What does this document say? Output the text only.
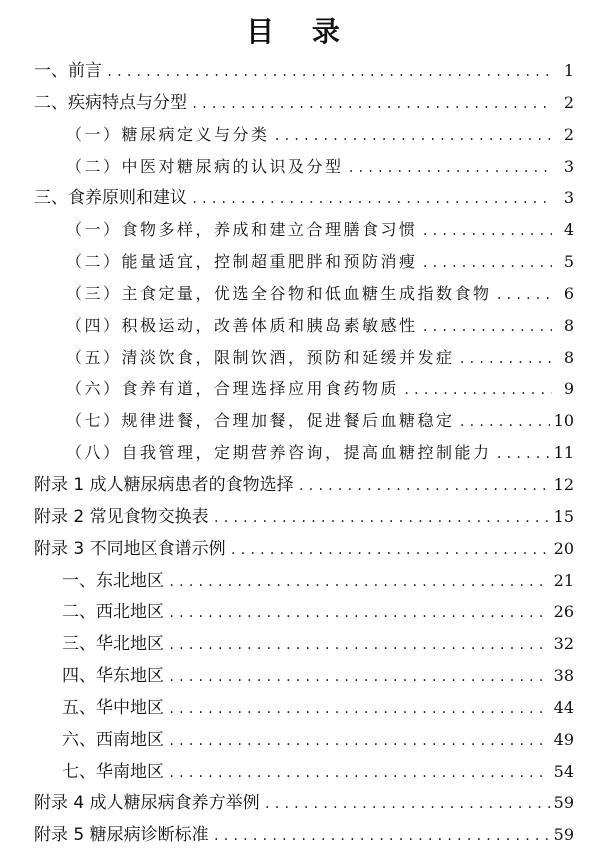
目 录
一、前言 .....	1
二、疾病特点与分型 .....	2
（一）糖尿病定义与分类 .....	2
（二）中医对糖尿病的认识及分型 .....	3
三、食养原则和建议 .....	3
（一）食物多样，养成和建立合理膳食习惯 .....	4
（二）能量适宜，控制超重肥胖和预防消瘦 .....	5
（三）主食定量，优选全谷物和低血糖生成指数食物 .....	6
（四）积极运动，改善体质和胰岛素敏感性 .....	8
（五）清淡饮食，限制饮酒，预防和延缓并发症 .....	8
（六）食养有道，合理选择应用食药物质 .....	9
（七）规律进餐，合理加餐，促进餐后血糖稳定 .....	10
（八）自我管理，定期营养咨询，提高血糖控制能力 .....	11
附录 1 成人糖尿病患者的食物选择 .....	12
附录 2 常见食物交换表 .....	15
附录 3 不同地区食谱示例 .....	20
一、东北地区 .....	21
二、西北地区 .....	26
三、华北地区 .....	32
四、华东地区 .....	38
五、华中地区 .....	44
六、西南地区 .....	49
七、华南地区 .....	54
附录 4 成人糖尿病食养方举例 .....	59
附录 5 糖尿病诊断标准 .....	59
